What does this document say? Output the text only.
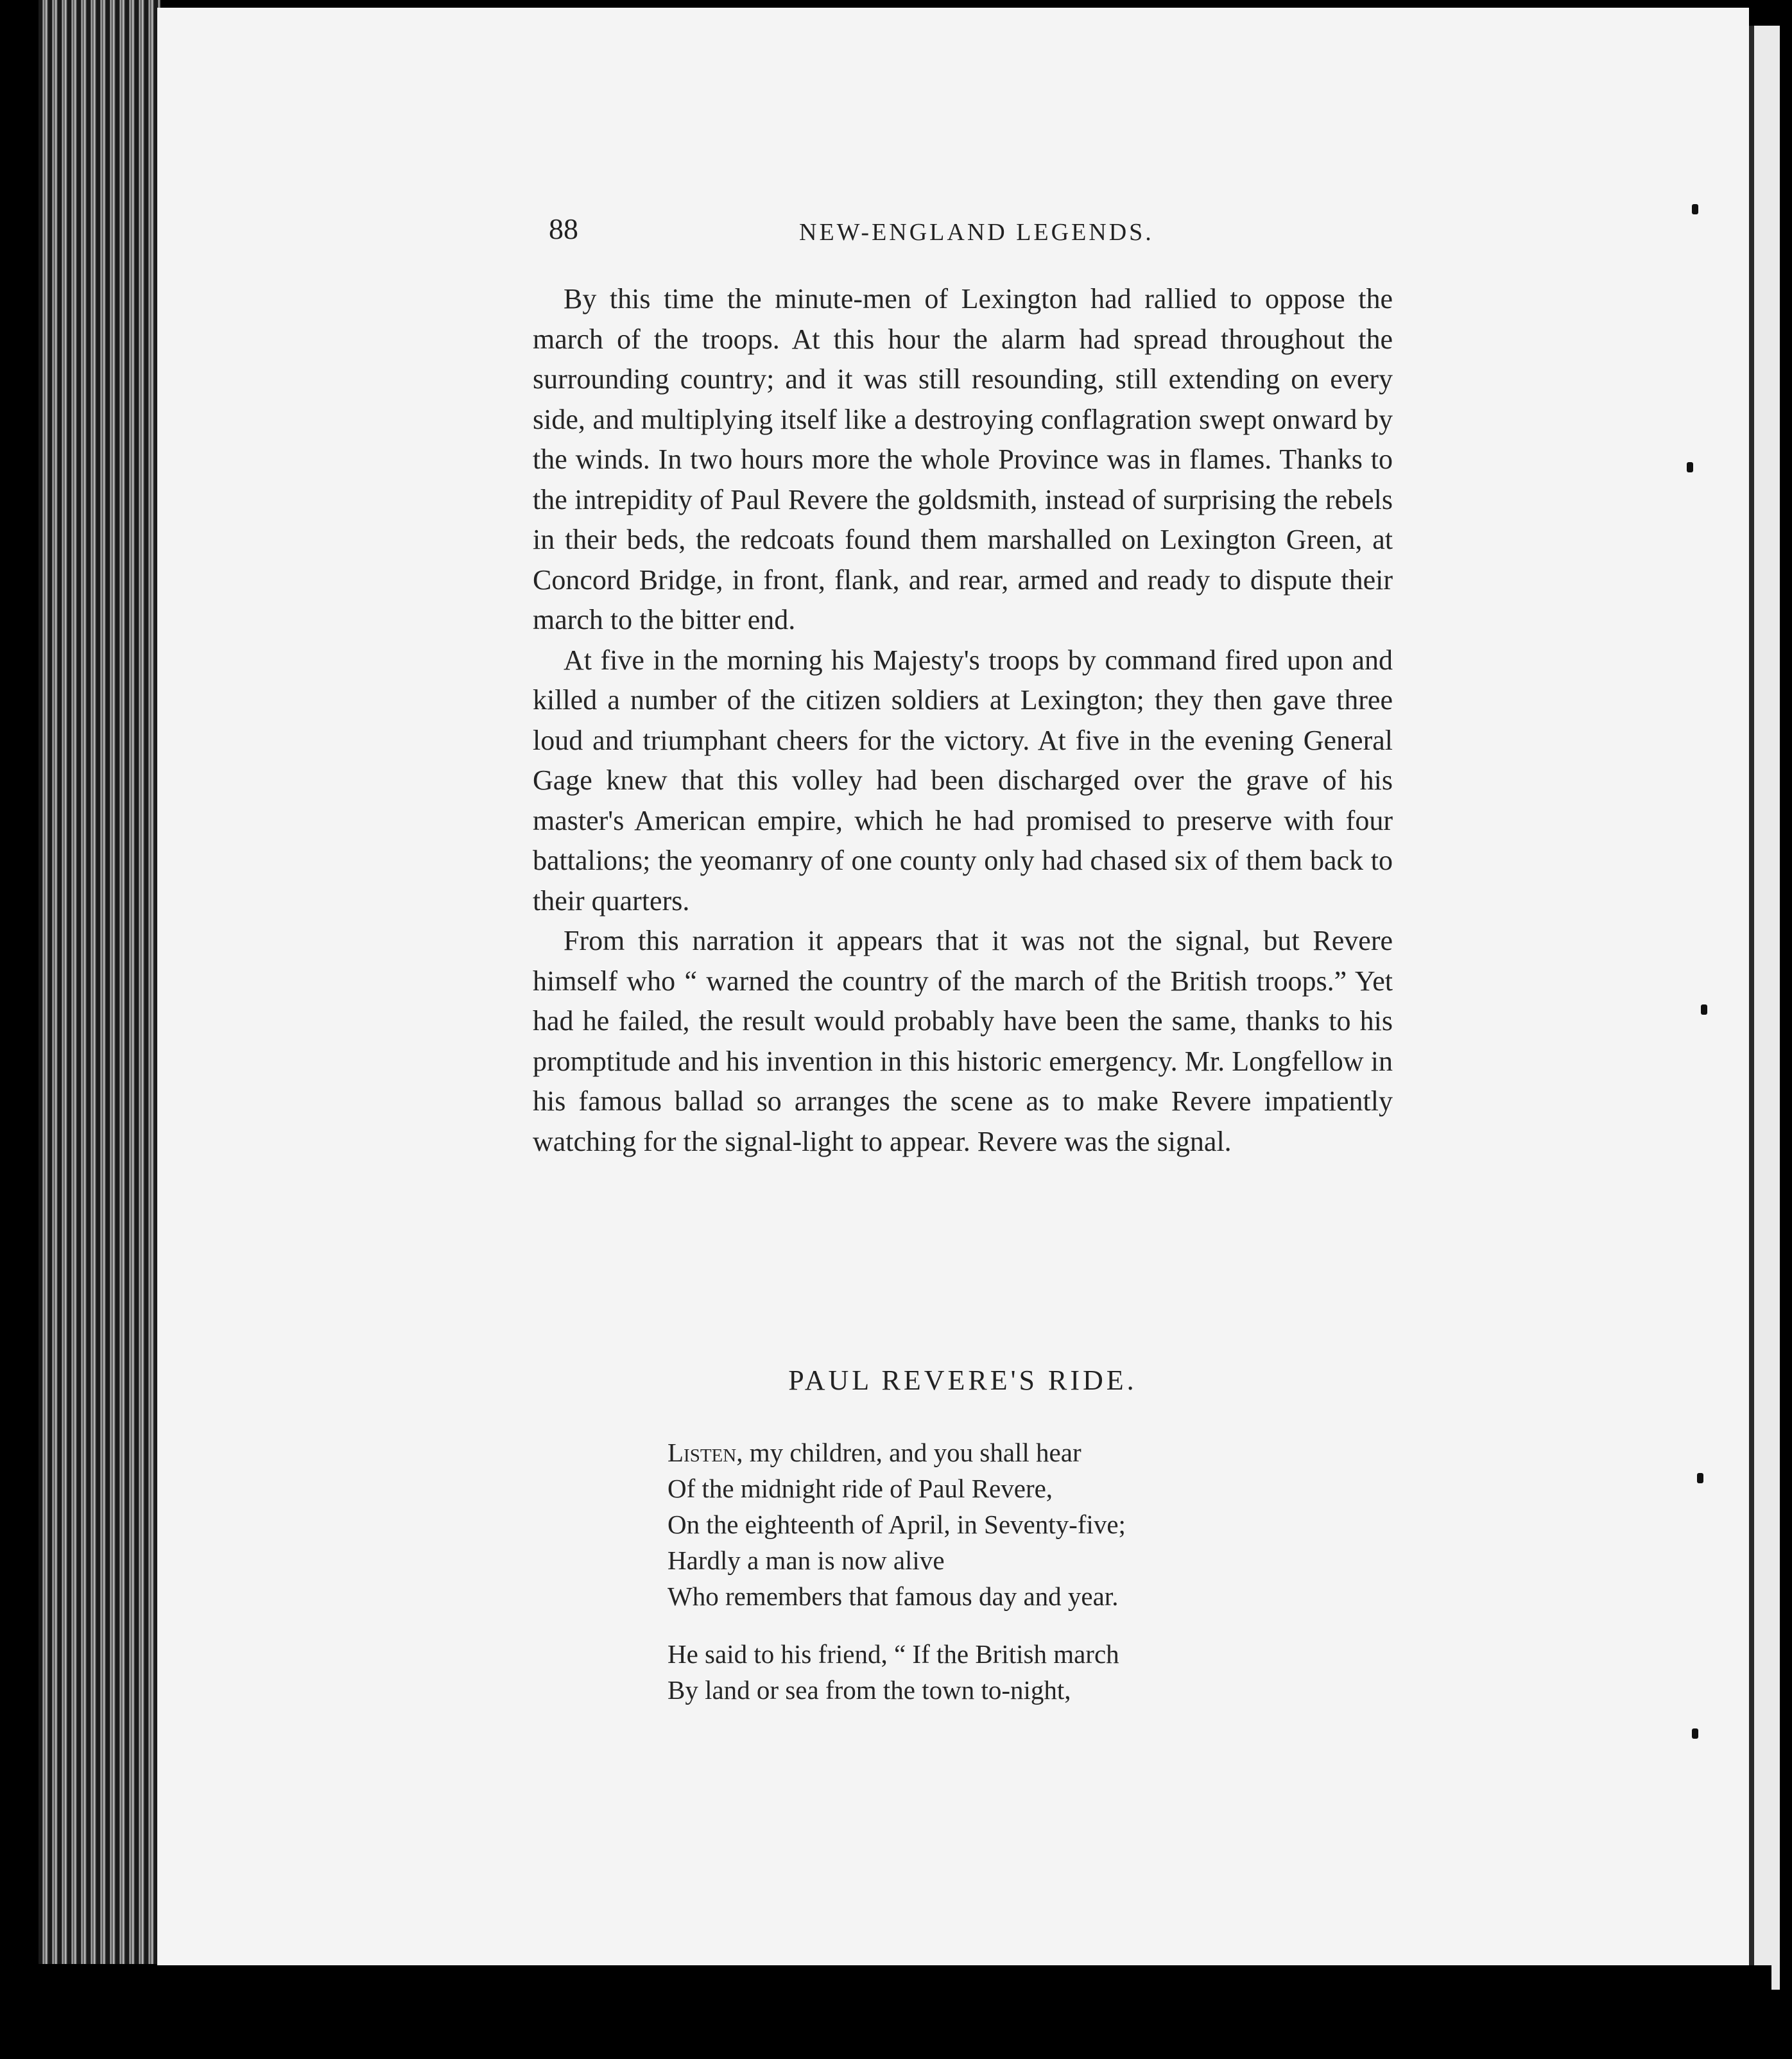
88	NEW-ENGLAND LEGENDS.

By this time the minute-men of Lexington had rallied to oppose the march of the troops. At this hour the alarm had spread throughout the surrounding country; and it was still resounding, still extending on every side, and multiplying itself like a destroying conflagration swept onward by the winds. In two hours more the whole Province was in flames. Thanks to the intrepidity of Paul Revere the goldsmith, instead of surprising the rebels in their beds, the redcoats found them marshalled on Lexington Green, at Concord Bridge, in front, flank, and rear, armed and ready to dispute their march to the bitter end.

At five in the morning his Majesty's troops by command fired upon and killed a number of the citizen soldiers at Lexington; they then gave three loud and triumphant cheers for the victory. At five in the evening General Gage knew that this volley had been discharged over the grave of his master's American empire, which he had promised to preserve with four battalions; the yeomanry of one county only had chased six of them back to their quarters.

From this narration it appears that it was not the signal, but Revere himself who “ warned the country of the march of the British troops.” Yet had he failed, the result would probably have been the same, thanks to his promptitude and his invention in this historic emergency. Mr. Longfellow in his famous ballad so arranges the scene as to make Revere impatiently watching for the signal-light to appear. Revere was the signal.

PAUL REVERE'S RIDE.
Listen, my children, and you shall hear
Of the midnight ride of Paul Revere,
On the eighteenth of April, in Seventy-five;
Hardly a man is now alive
Who remembers that famous day and year.
He said to his friend, “ If the British march
By land or sea from the town to-night,
